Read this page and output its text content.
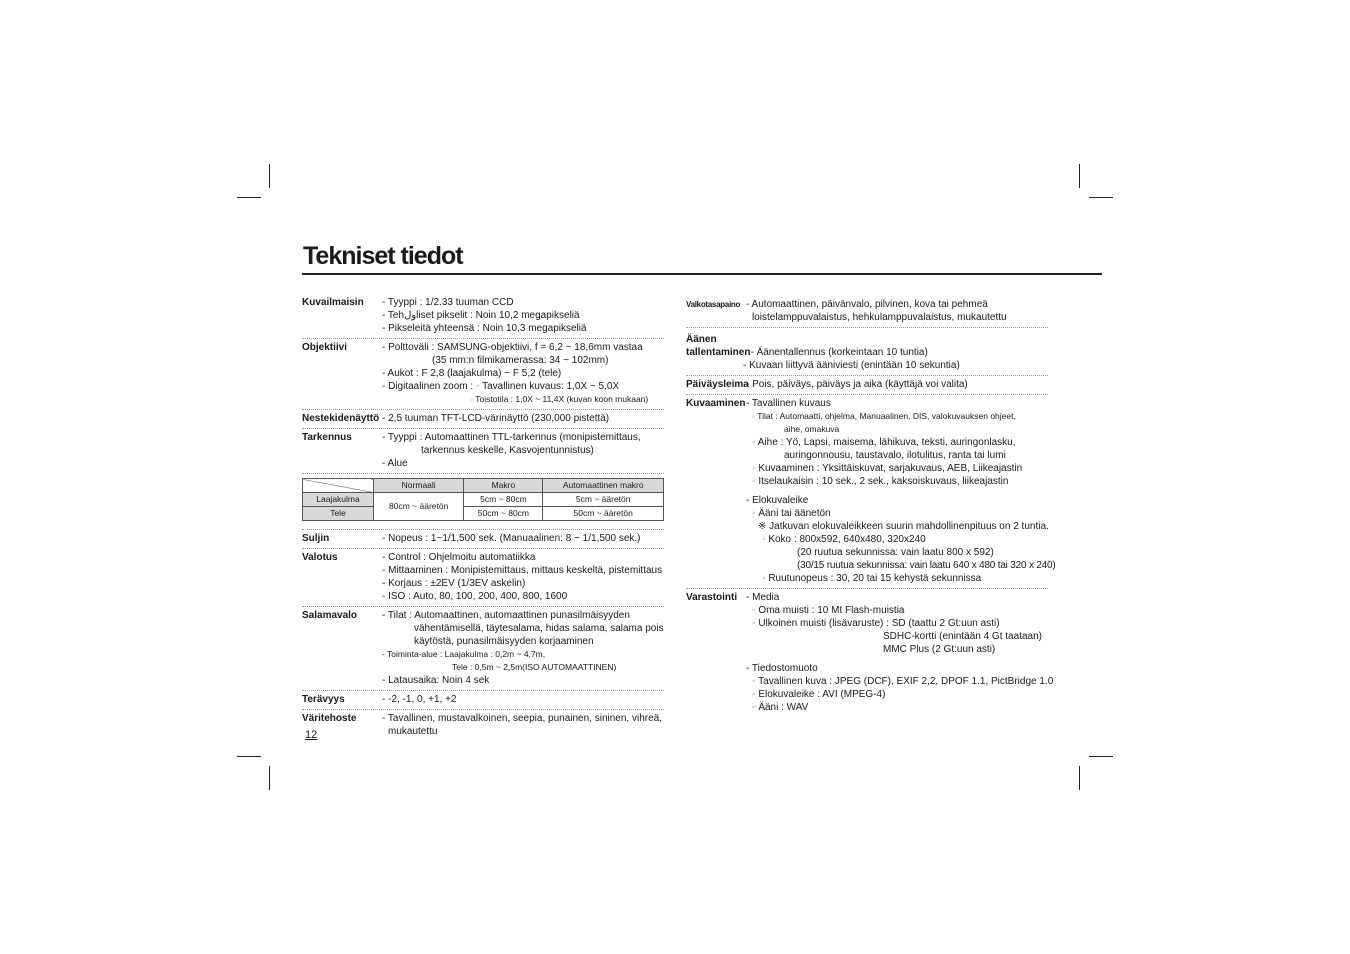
Tekniset tiedot
Kuvailmaisin	- Tyyppi : 1/2.33 tuuman CCD
- Tehولliset pikselit : Noin 10,2 megapikseliä
- Pikseleitä yhteensä : Noin 10,3 megapikseliä
Objektiivi	- Polttoväli : SAMSUNG-objektiivi, f = 6,2 ~ 18,6mm vastaa
(35 mm:n filmikamerassa: 34 ~ 102mm)
- Aukot : F 2,8 (laajakulma) ~ F 5,2 (tele)
- Digitaalinen zoom : ◦ Tavallinen kuvaus: 1,0X ~ 5,0X
◦ Toistotila : 1,0X ~ 11,4X (kuvan koon mukaan)
Nestekidenäyttö - 2,5 tuuman TFT-LCD-värinäyttö (230,000 pistettä)
Tarkennus	- Tyyppi : Automaattinen TTL-tarkennus (monipistemittaus,
tarkennus keskelle, Kasvojentunnistus)
- Alue
	Normaali	Makro	Automaattinen makro
Laajakulma	80cm ~ ääretön	5cm ~ 80cm	5cm ~ ääretön
Tele		50cm ~ 80cm	50cm ~ ääretön
Suljin	- Nopeus : 1~1/1,500 sek. (Manuaalinen: 8 ~ 1/1,500 sek.)
Valotus	- Control : Ohjelmoitu automatiikka
- Mittaaminen : Monipistemittaus, mittaus keskeltä, pistemittaus
- Korjaus : ±2EV (1/3EV askelin)
- ISO : Auto, 80, 100, 200, 400, 800, 1600
Salamavalo	- Tilat : Automaattinen, automaattinen punasilmäisyyden
vähentämisellä, täytesalama, hidas salama, salama pois
käytöstä, punasilmäisyyden korjaaminen
- Toiminta-alue : Laajakulma : 0,2m ~ 4,7m,
Tele : 0,5m ~ 2,5m(ISO AUTOMAATTINEN)
- Latausaika: Noin 4 sek
Terävyys	- -2, -1, 0, +1, +2
Väritehoste	- Tavallinen, mustavalkoinen, seepia, punainen, sininen, vihreä,
mukautettu
Valkotasapaino - Automaattinen, päivänvalo, pilvinen, kova tai pehmeä
loistelamppuvalaistus, hehkulamppuvalaistus, mukautettu
Äänen
tallentaminen - Äänentallennus (korkeintaan 10 tuntia)
- Kuvaan liittyvä ääniviesti (enintään 10 sekuntia)
Päiväysleima
- Pois, päiväys, päiväys ja aika (käyttäjä voi valita)
Kuvaaminen - Tavallinen kuvaus
◦ Tilat : Automaatti, ohjelma, Manuaalinen, DIS, valokuvauksen ohjeet,
aihe, omakuva
◦ Aihe : Yö, Lapsi, maisema, lähikuva, teksti, auringonlasku,
auringonnousu, taustavalo, ilotulitus, ranta tai lumi
◦ Kuvaaminen : Yksittäiskuvat, sarjakuvaus, AEB, Liikeajastin
◦ Itselaukaisin : 10 sek., 2 sek., kaksoiskuvaus, liikeajastin
- Elokuvaleike
◦ Ääni tai äänetön
※ Jatkuvan elokuvaleikkeen suurin mahdollinenpituus on 2 tuntia.
◦ Koko : 800x592, 640x480, 320x240
(20 ruutua sekunnissa: vain laatu 800 x 592)
(30/15 ruutua sekunnissa: vain laatu 640 x 480 tai 320 x 240)
◦ Ruutunopeus : 30, 20 tai 15 kehystä sekunnissa
Varastointi - Media
◦ Oma muisti : 10 Mt Flash-muistia
◦ Ulkoinen muisti (lisävaruste) : SD (taattu 2 Gt:uun asti)
SDHC-kortti (enintään 4 Gt taataan)
MMC Plus (2 Gt:uun asti)
- Tiedostomuoto
◦ Tavallinen kuva : JPEG (DCF), EXIF 2,2, DPOF 1.1, PictBridge 1.0
◦ Elokuvaleike : AVI (MPEG-4)
◦ Ääni : WAV
12
